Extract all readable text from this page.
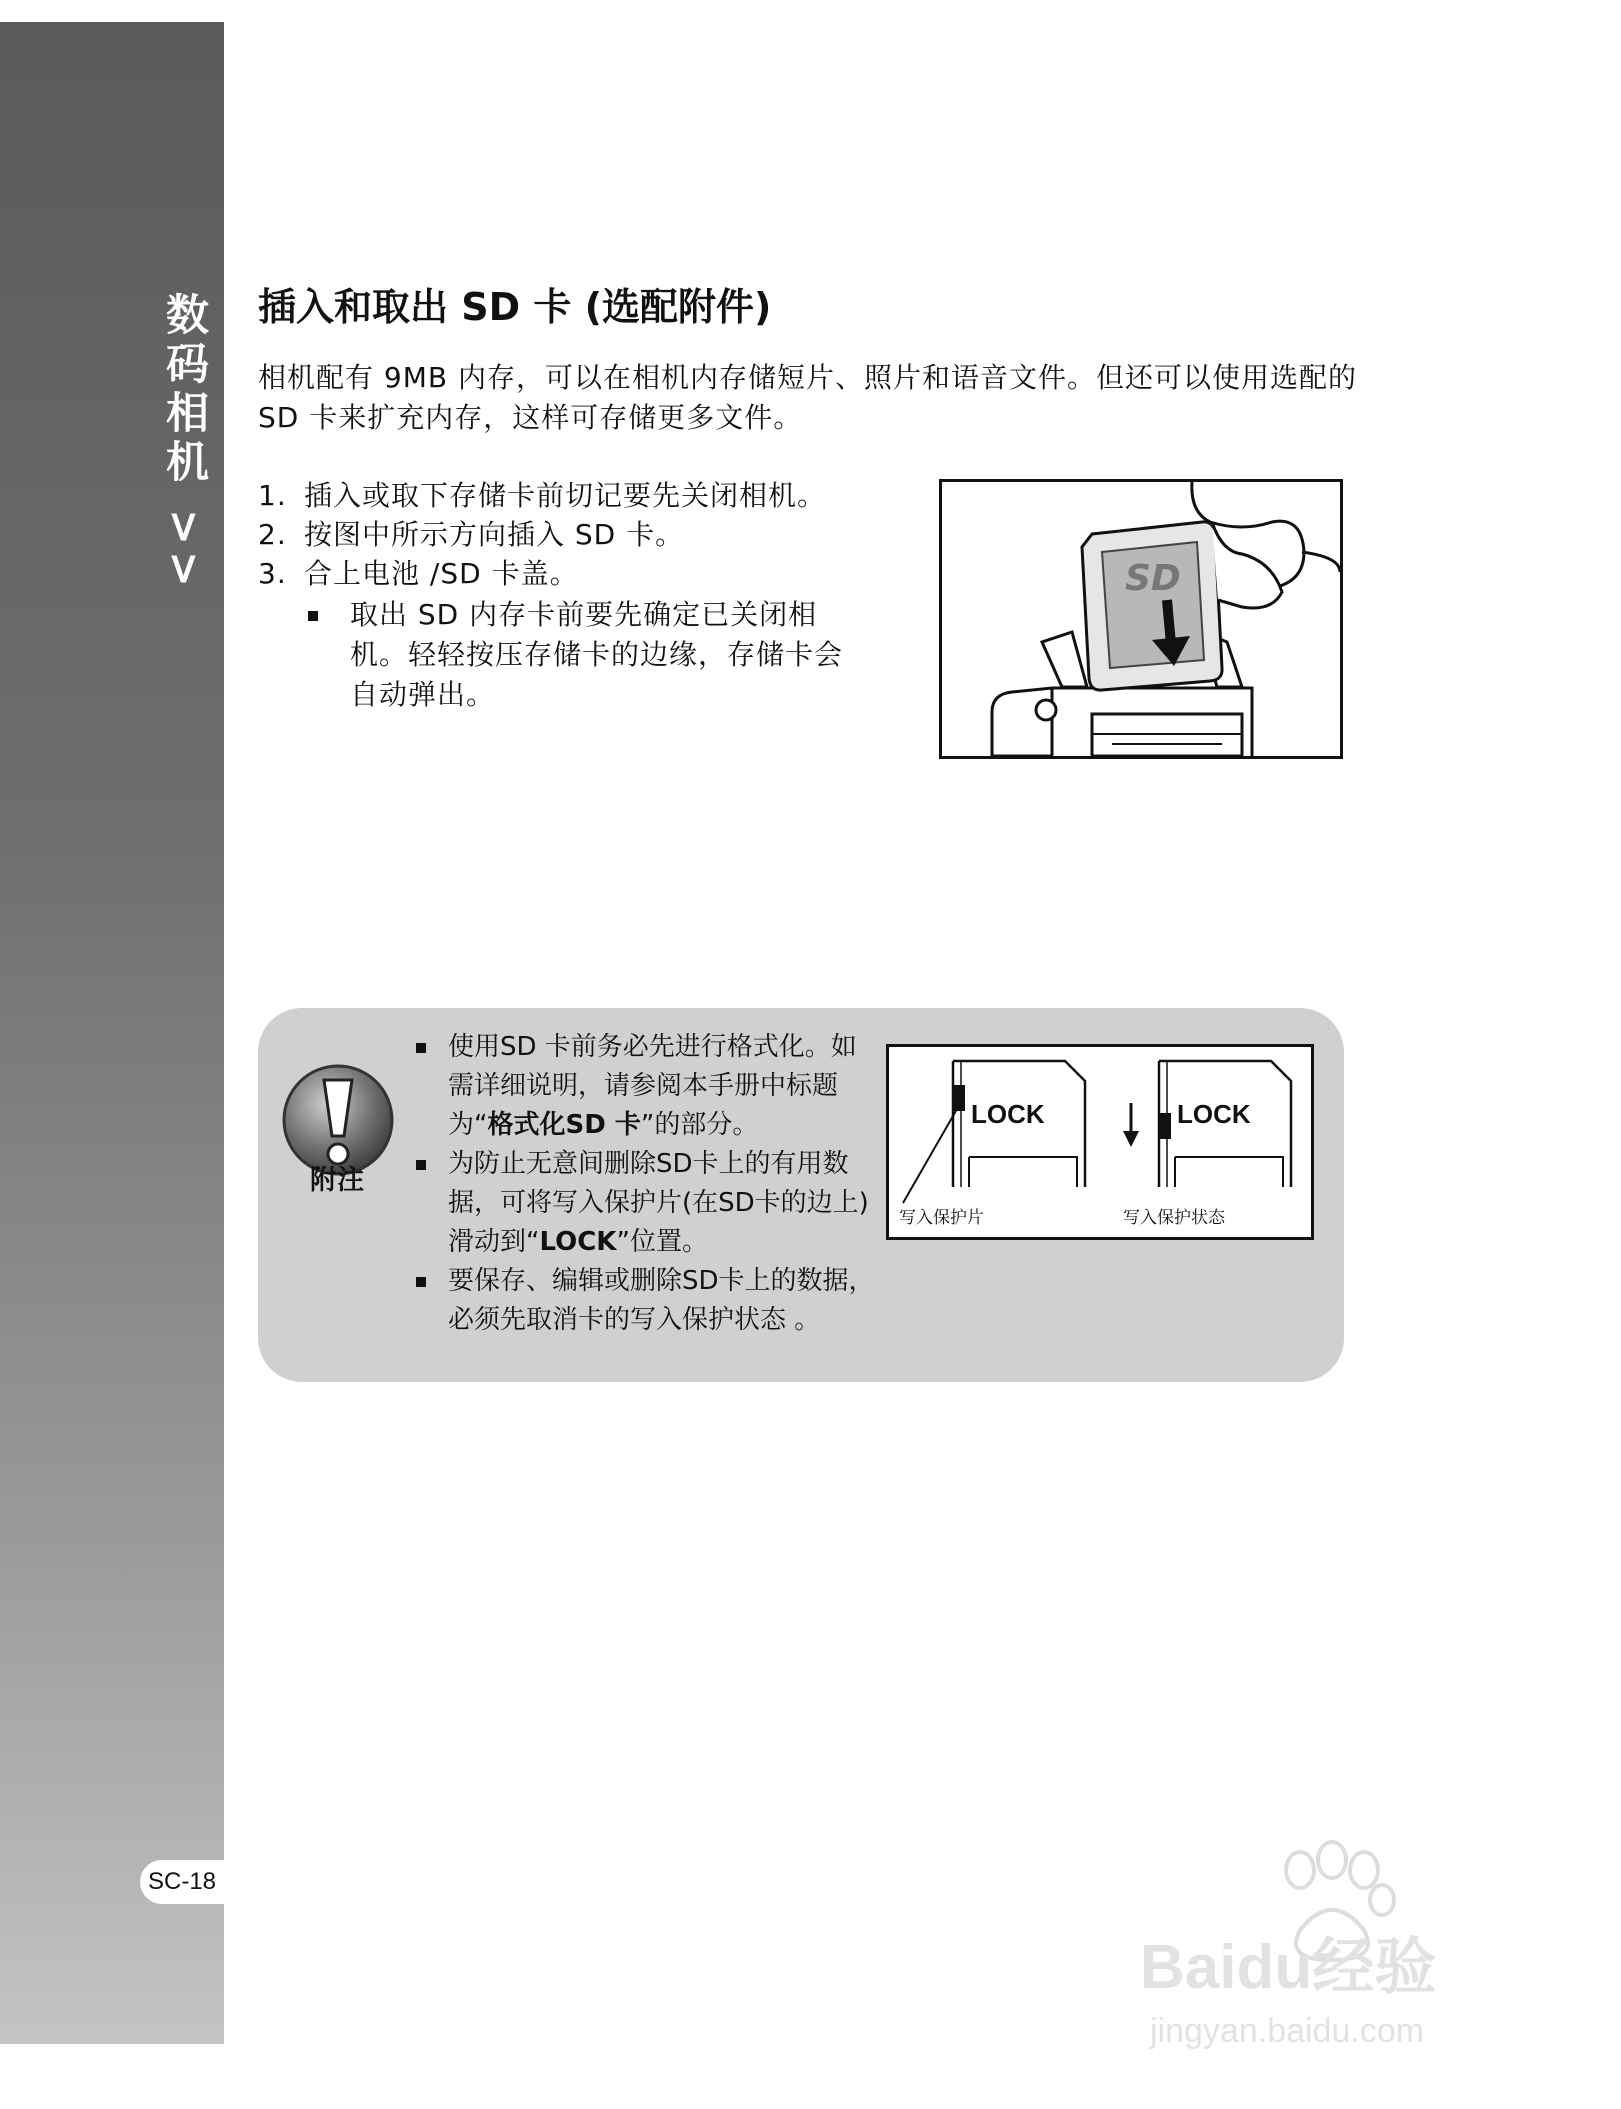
数码相机 >>
SC-18
插入和取出 SD 卡 (选配附件)

相机配有 9MB 内存，可以在相机内存储短片、照片和语音文件。但还可以使用选配的 SD 卡来扩充内存，这样可存储更多文件。

1. 插入或取下存储卡前切记要先关闭相机。
2. 按图中所示方向插入 SD 卡。
3. 合上电池 /SD 卡盖。
取出 SD 内存卡前要先确定已关闭相机。轻轻按压存储卡的边缘，存储卡会自动弹出。
SD
附注
使用SD 卡前务必先进行格式化。如需详细说明，请参阅本手册中标题为“格式化SD 卡”的部分。
为防止无意间删除SD卡上的有用数据，可将写入保护片(在SD卡的边上)滑动到“LOCK”位置。
要保存、编辑或删除SD卡上的数据，必须先取消卡的写入保护状态 。
LOCK	LOCK
写入保护片	写入保护状态
Baidu经验
jingyan.baidu.com
